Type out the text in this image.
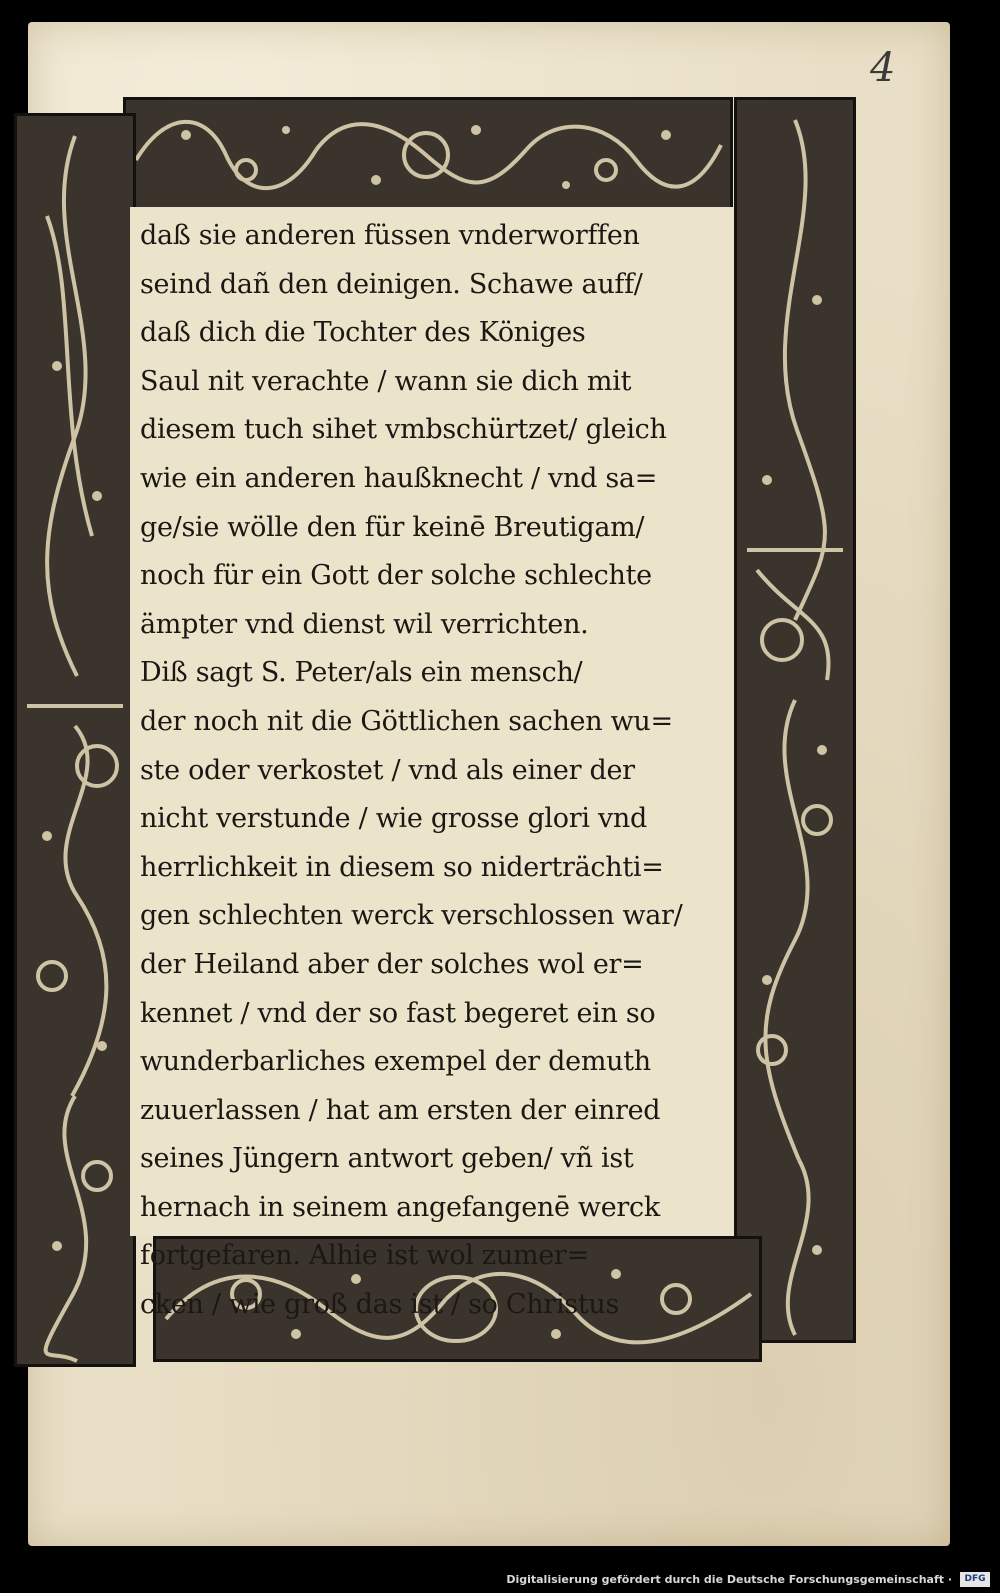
4
daß sie anderen füssen vnderworffen
seind dañ den deinigen. Schawe auff/
daß dich die Tochter des Königes
Saul nit verachte / wann sie dich mit
diesem tuch sihet vmbschürtzet/ gleich
wie ein anderen haußknecht / vnd sa=
ge/sie wölle den für keinē Breutigam/
noch für ein Gott der solche schlechte
ämpter vnd dienst wil verrichten.
Diß sagt S. Peter/als ein mensch/
der noch nit die Göttlichen sachen wu=
ste oder verkostet / vnd als einer der
nicht verstunde / wie grosse glori vnd
herrlichkeit in diesem so niderträchti=
gen schlechten werck verschlossen war/
der Heiland aber der solches wol er=
kennet / vnd der so fast begeret ein so
wunderbarliches exempel der demuth
zuuerlassen / hat am ersten der einred
seines Jüngern antwort geben/ vñ ist
hernach in seinem angefangenē werck
fortgefaren. Alhie ist wol zumer=
cken / wie groß das ist / so Christus
Digitalisierung gefördert durch die Deutsche Forschungsgemeinschaft ·	DFG
